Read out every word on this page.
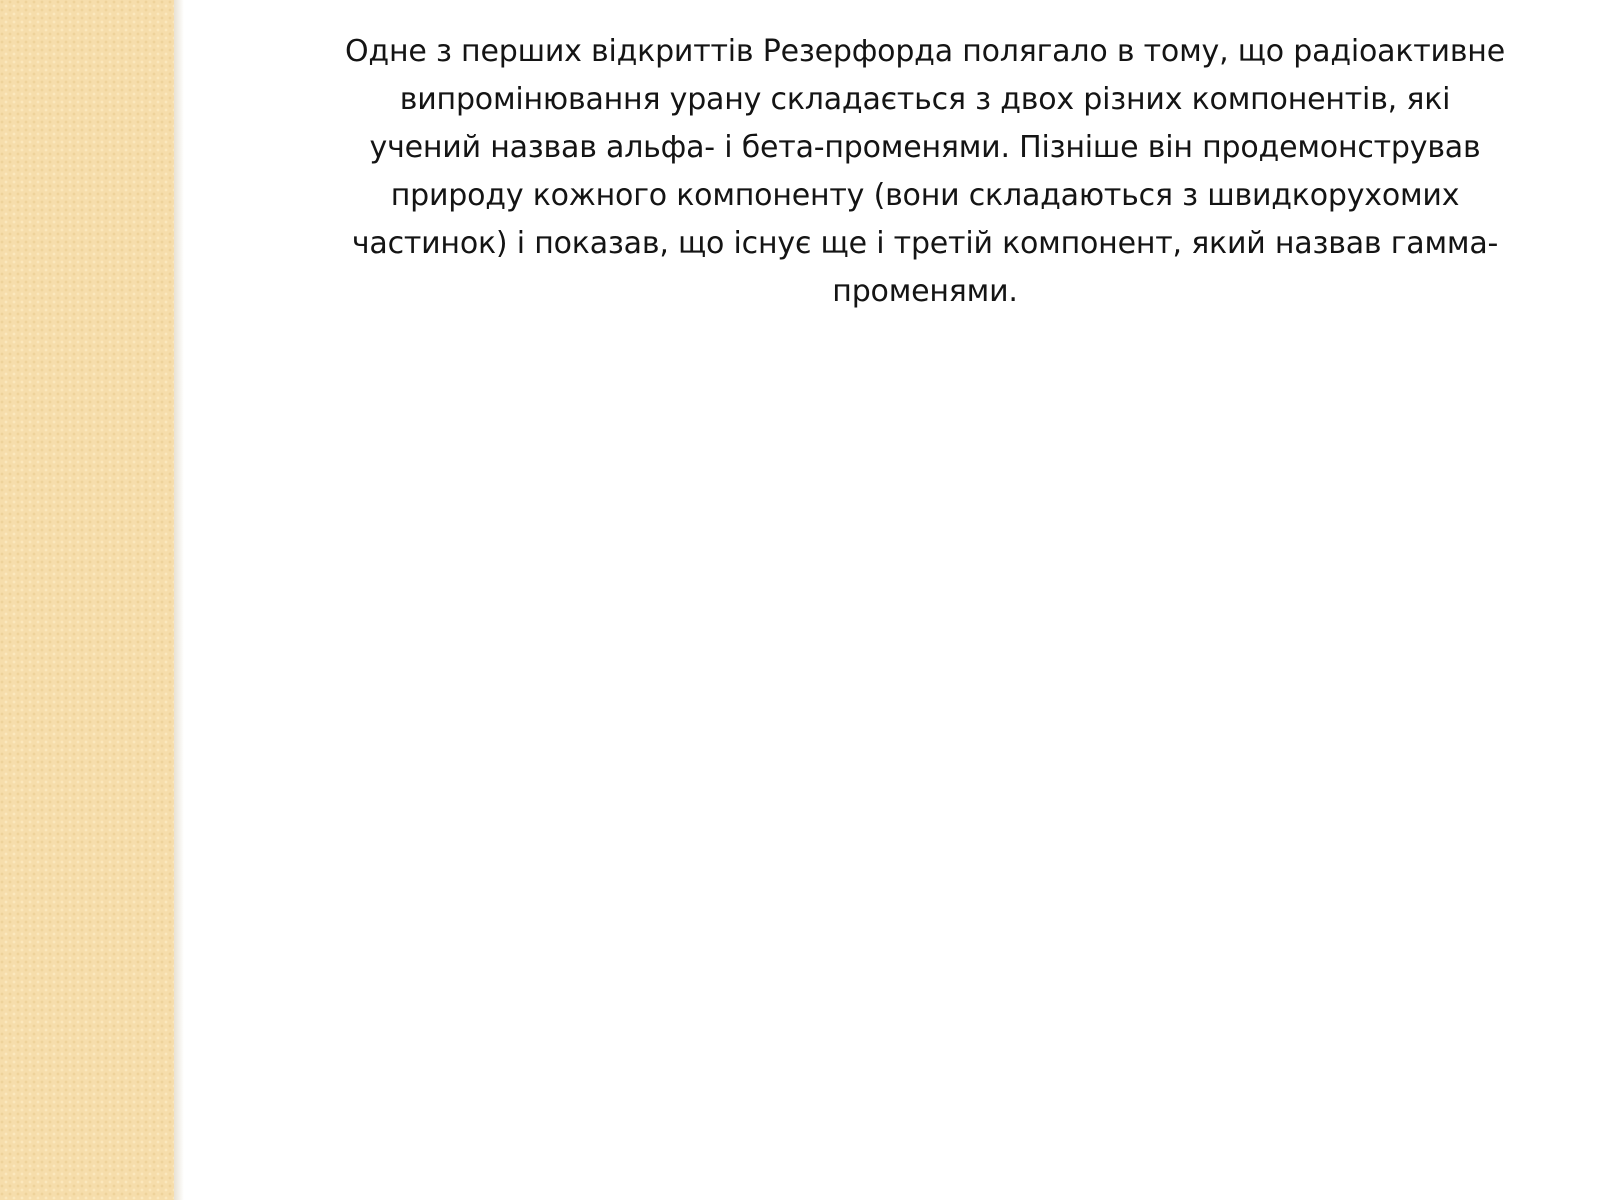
Одне з перших відкриттів Резерфорда полягало в тому, що радіоактивне
випромінювання урану складається з двох різних компонентів, які
учений назвав альфа- і бета-променями. Пізніше він продемонстрував
природу кожного компоненту (вони складаються з швидкорухомих
частинок) і показав, що існує ще і третій компонент, який назвав гамма-
променями.
